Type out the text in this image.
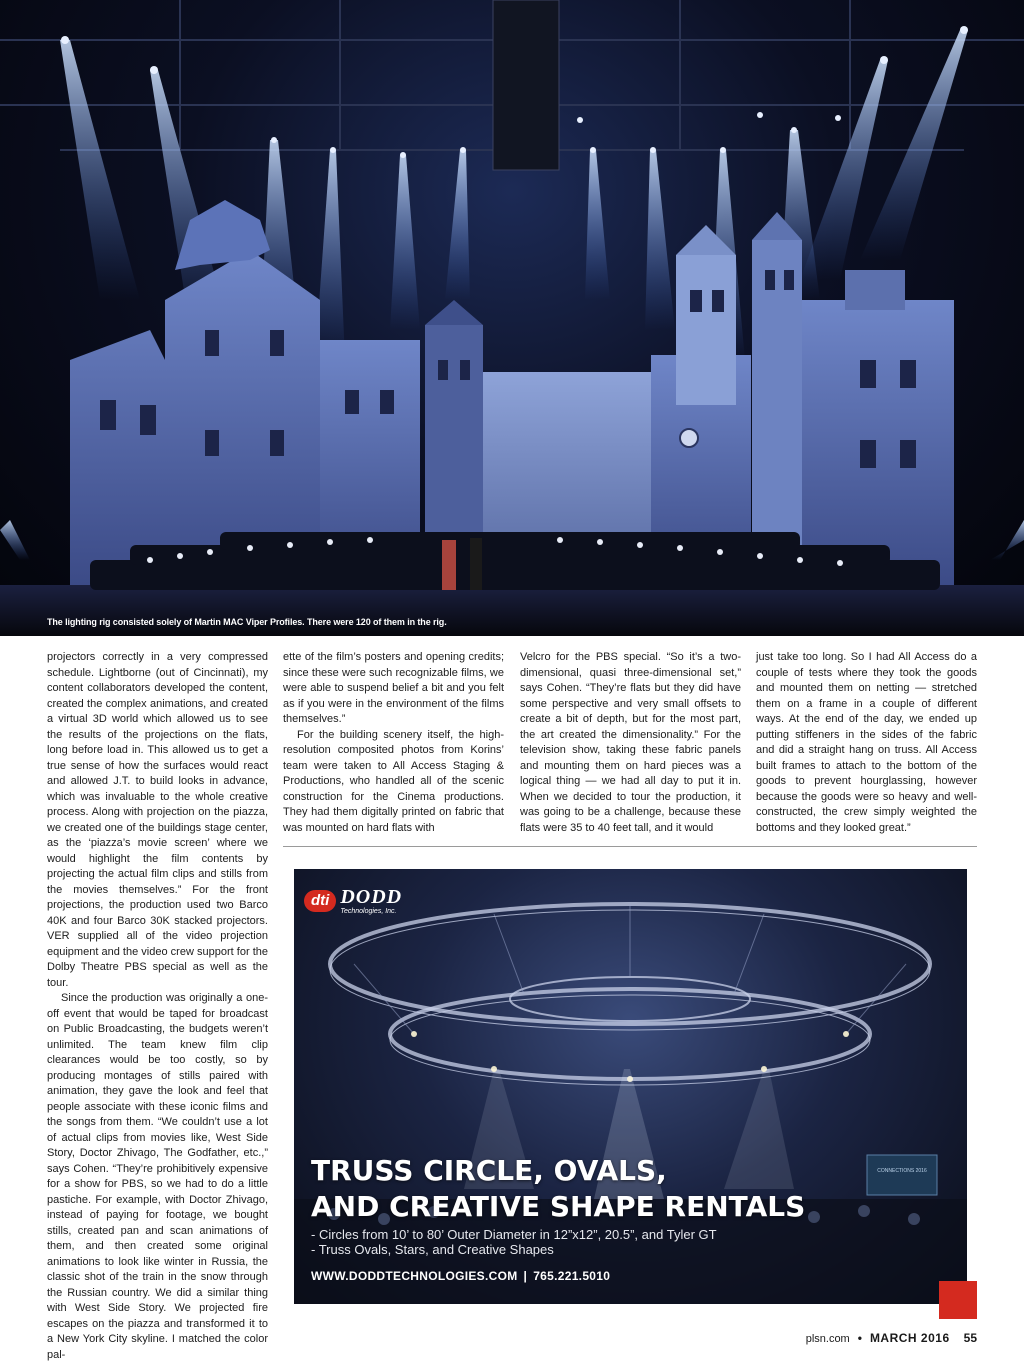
The lighting rig consisted solely of Martin MAC Viper Profiles. There were 120 of them in the rig.

projectors correctly in a very compressed schedule. Lightborne (out of Cincinnati), my content collaborators developed the content, created the complex animations, and created a virtual 3D world which allowed us to see the results of the projections on the flats, long before load in. This allowed us to get a true sense of how the surfaces would react and allowed J.T. to build looks in advance, which was invaluable to the whole creative process. Along with projection on the piazza, we created one of the buildings stage center, as the ‘piazza’s movie screen’ where we would highlight the film contents by projecting the actual film clips and stills from the movies themselves.” For the front projections, the production used two Barco 40K and four Barco 30K stacked projectors. VER supplied all of the video projection equipment and the video crew support for the Dolby Theatre PBS special as well as the tour.

Since the production was originally a one-off event that would be taped for broadcast on Public Broadcasting, the budgets weren’t unlimited. The team knew film clip clearances would be too costly, so by producing montages of stills paired with animation, they gave the look and feel that people associate with these iconic films and the songs from them. “We couldn’t use a lot of actual clips from movies like, West Side Story, Doctor Zhivago, The Godfather, etc.,” says Cohen. “They’re prohibitively expensive for a show for PBS, so we had to do a little pastiche. For example, with Doctor Zhivago, instead of paying for footage, we bought stills, created pan and scan animations of them, and then created some original animations to look like winter in Russia, the classic shot of the train in the snow through the Russian country. We did a similar thing with West Side Story. We projected fire escapes on the piazza and transformed it to a New York City skyline. I matched the color pal-

ette of the film’s posters and opening credits; since these were such recognizable films, we were able to suspend belief a bit and you felt as if you were in the environment of the films themselves.”

For the building scenery itself, the high-resolution composited photos from Korins’ team were taken to All Access Staging & Productions, who handled all of the scenic construction for the Cinema productions. They had them digitally printed on fabric that was mounted on hard flats with

Velcro for the PBS special. “So it’s a two-dimensional, quasi three-dimensional set,” says Cohen. “They’re flats but they did have some perspective and very small offsets to create a bit of depth, but for the most part, the art created the dimensionality.” For the television show, taking these fabric panels and mounting them on hard pieces was a logical thing — we had all day to put it in. When we decided to tour the production, it was going to be a challenge, because these flats were 35 to 40 feet tall, and it would

just take too long. So I had All Access do a couple of tests where they took the goods and mounted them on netting — stretched them on a frame in a couple of different ways. At the end of the day, we ended up putting stiffeners in the sides of the fabric and did a straight hang on truss. All Access built frames to attach to the bottom of the goods to prevent hourglassing, however because the goods were so heavy and well-constructed, the crew simply weighted the bottoms and they looked great.”

CONNECTIONS 2016
dti DODD
Technologies, Inc.
TRUSS CIRCLE, OVALS,
AND CREATIVE SHAPE RENTALS
- Circles from 10’ to 80’ Outer Diameter in 12”x12”, 20.5”, and Tyler GT
- Truss Ovals, Stars, and Creative Shapes
WWW.DODDTECHNOLOGIES.COM | 765.221.5010
plsn.com • MARCH 2016 55
